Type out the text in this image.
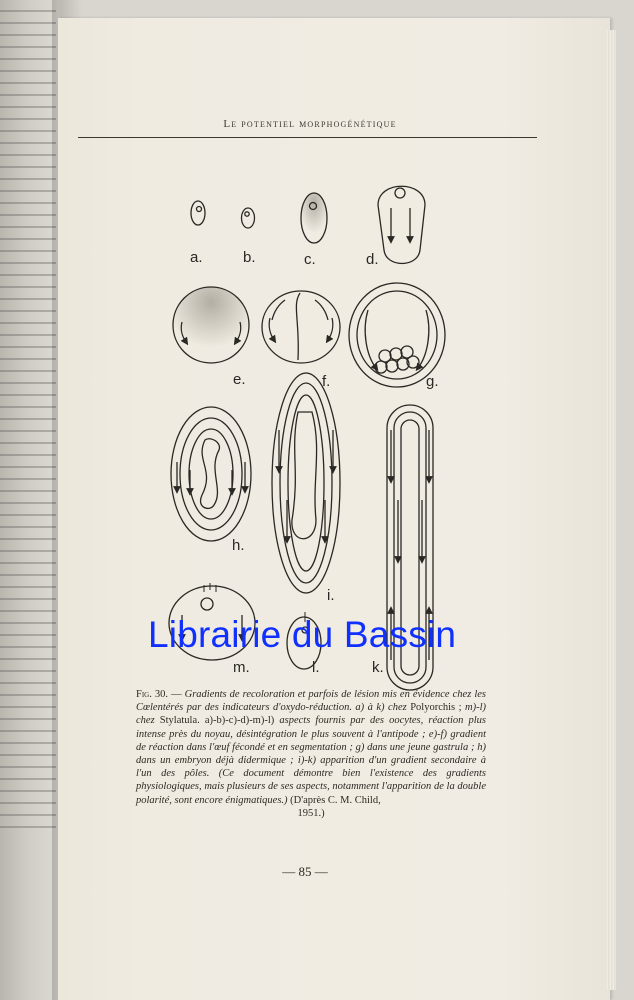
Le potentiel morphogénétique
a.	b.	c.	d.
e.	f.	g.
h.
i.
m.	l.	k.
Librairie du Bassin
Fig. 30. — Gradients de recoloration et parfois de lésion mis en évidence chez les Cœlentérés par des indicateurs d'oxydo-réduction. a) à k) chez Polyorchis ; m)-l) chez Stylatula. a)-b)-c)-d)-m)-l) aspects fournis par des oocytes, réaction plus intense près du noyau, désintégration le plus souvent à l'antipode ; e)-f) gradient de réaction dans l'œuf fécondé et en segmentation ; g) dans une jeune gastrula ; h) dans un embryon déjà didermique ; i)-k) apparition d'un gradient secondaire à l'un des pôles. (Ce document démontre bien l'existence des gradients physiologiques, mais plusieurs de ses aspects, notamment l'apparition de la double polarité, sont encore énigmatiques.) (D'après C. M. Child,
1951.)
— 85 —
